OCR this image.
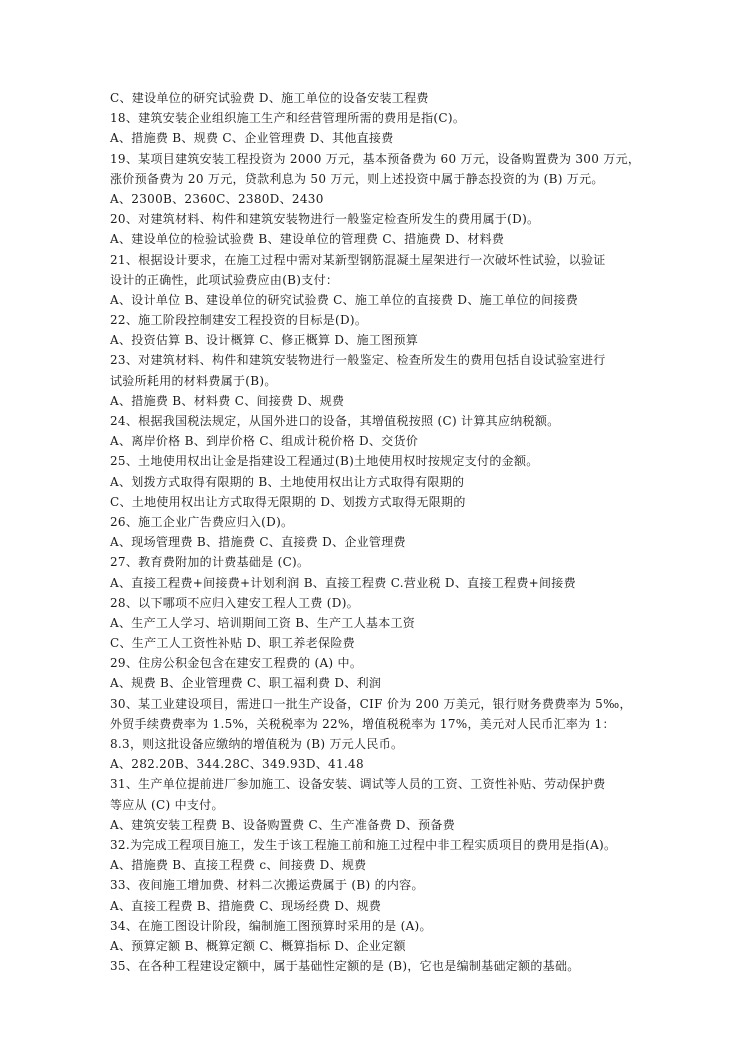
C、建设单位的研究试验费 D、施工单位的设备安装工程费
18、建筑安装企业组织施工生产和经营管理所需的费用是指(C)。
A、措施费 B、规费 C、企业管理费 D、其他直接费
19、某项目建筑安装工程投资为 2000 万元，基本预备费为 60 万元，设备购置费为 300 万元，
涨价预备费为 20 万元，贷款利息为 50 万元，则上述投资中属于静态投资的为 (B) 万元。
A、2300B、2360C、2380D、2430
20、对建筑材料、构件和建筑安装物进行一般鉴定检查所发生的费用属于(D)。
A、建设单位的检验试验费 B、建设单位的管理费 C、措施费 D、材料费
21、根据设计要求，在施工过程中需对某新型钢筋混凝土屋架进行一次破坏性试验，以验证
设计的正确性，此项试验费应由(B)支付：
A、设计单位 B、建设单位的研究试验费 C、施工单位的直接费 D、施工单位的间接费
22、施工阶段控制建安工程投资的目标是(D)。
A、投资估算 B、设计概算 C、修正概算 D、施工图预算
23、对建筑材料、构件和建筑安装物进行一般鉴定、检查所发生的费用包括自设试验室进行
试验所耗用的材料费属于(B)。
A、措施费 B、材料费 C、间接费 D、规费
24、根据我国税法规定，从国外进口的设备，其增值税按照 (C) 计算其应纳税额。
A、离岸价格 B、到岸价格 C、组成计税价格 D、交货价
25、土地使用权出让金是指建设工程通过(B)土地使用权时按规定支付的金额。
A、划拨方式取得有限期的 B、土地使用权出让方式取得有限期的
C、土地使用权出让方式取得无限期的 D、划拨方式取得无限期的
26、施工企业广告费应归入(D)。
A、现场管理费 B、措施费 C、直接费 D、企业管理费
27、教育费附加的计费基础是 (C)。
A、直接工程费+间接费+计划利润 B、直接工程费 C.营业税 D、直接工程费+间接费
28、以下哪项不应归入建安工程人工费 (D)。
A、生产工人学习、培训期间工资 B、生产工人基本工资
C、生产工人工资性补贴 D、职工养老保险费
29、住房公积金包含在建安工程费的 (A) 中。
A、规费 B、企业管理费 C、职工福利费 D、利润
30、某工业建设项目，需进口一批生产设备，CIF 价为 200 万美元，银行财务费费率为 5‰，
外贸手续费费率为 1.5%，关税税率为 22%，增值税税率为 17%，美元对人民币汇率为 1：
8.3，则这批设备应缴纳的增值税为 (B) 万元人民币。
A、282.20B、344.28C、349.93D、41.48
31、生产单位提前进厂参加施工、设备安装、调试等人员的工资、工资性补贴、劳动保护费
等应从 (C) 中支付。
A、建筑安装工程费 B、设备购置费 C、生产准备费 D、预备费
32.为完成工程项目施工，发生于该工程施工前和施工过程中非工程实质项目的费用是指(A)。
A、措施费 B、直接工程费 c、间接费 D、规费
33、夜间施工增加费、材料二次搬运费属于 (B) 的内容。
A、直接工程费 B、措施费 C、现场经费 D、规费
34、在施工图设计阶段，编制施工图预算时采用的是 (A)。
A、预算定额 B、概算定额 C、概算指标 D、企业定额
35、在各种工程建设定额中，属于基础性定额的是 (B)，它也是编制基础定额的基础。
